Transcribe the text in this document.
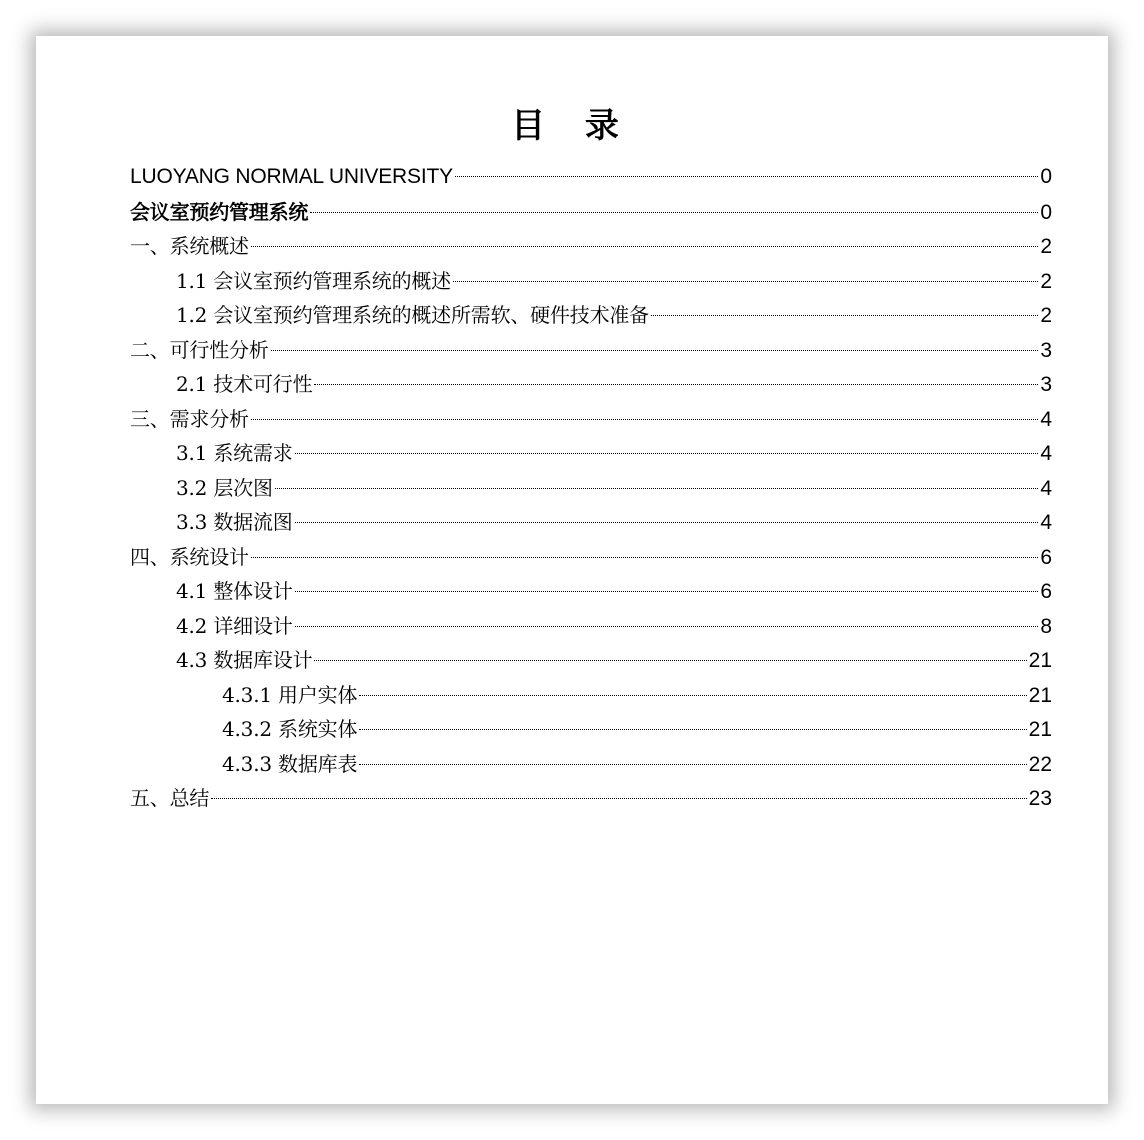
目 录
LUOYANG NORMAL UNIVERSITY	0
会议室预约管理系统	0
一、系统概述	2
1.1 会议室预约管理系统的概述	2
1.2 会议室预约管理系统的概述所需软、硬件技术准备	2
二、可行性分析	3
2.1 技术可行性	3
三、需求分析	4
3.1 系统需求	4
3.2 层次图	4
3.3 数据流图	4
四、系统设计	6
4.1 整体设计	6
4.2 详细设计	8
4.3 数据库设计	21
4.3.1 用户实体	21
4.3.2 系统实体	21
4.3.3 数据库表	22
五、总结	23
